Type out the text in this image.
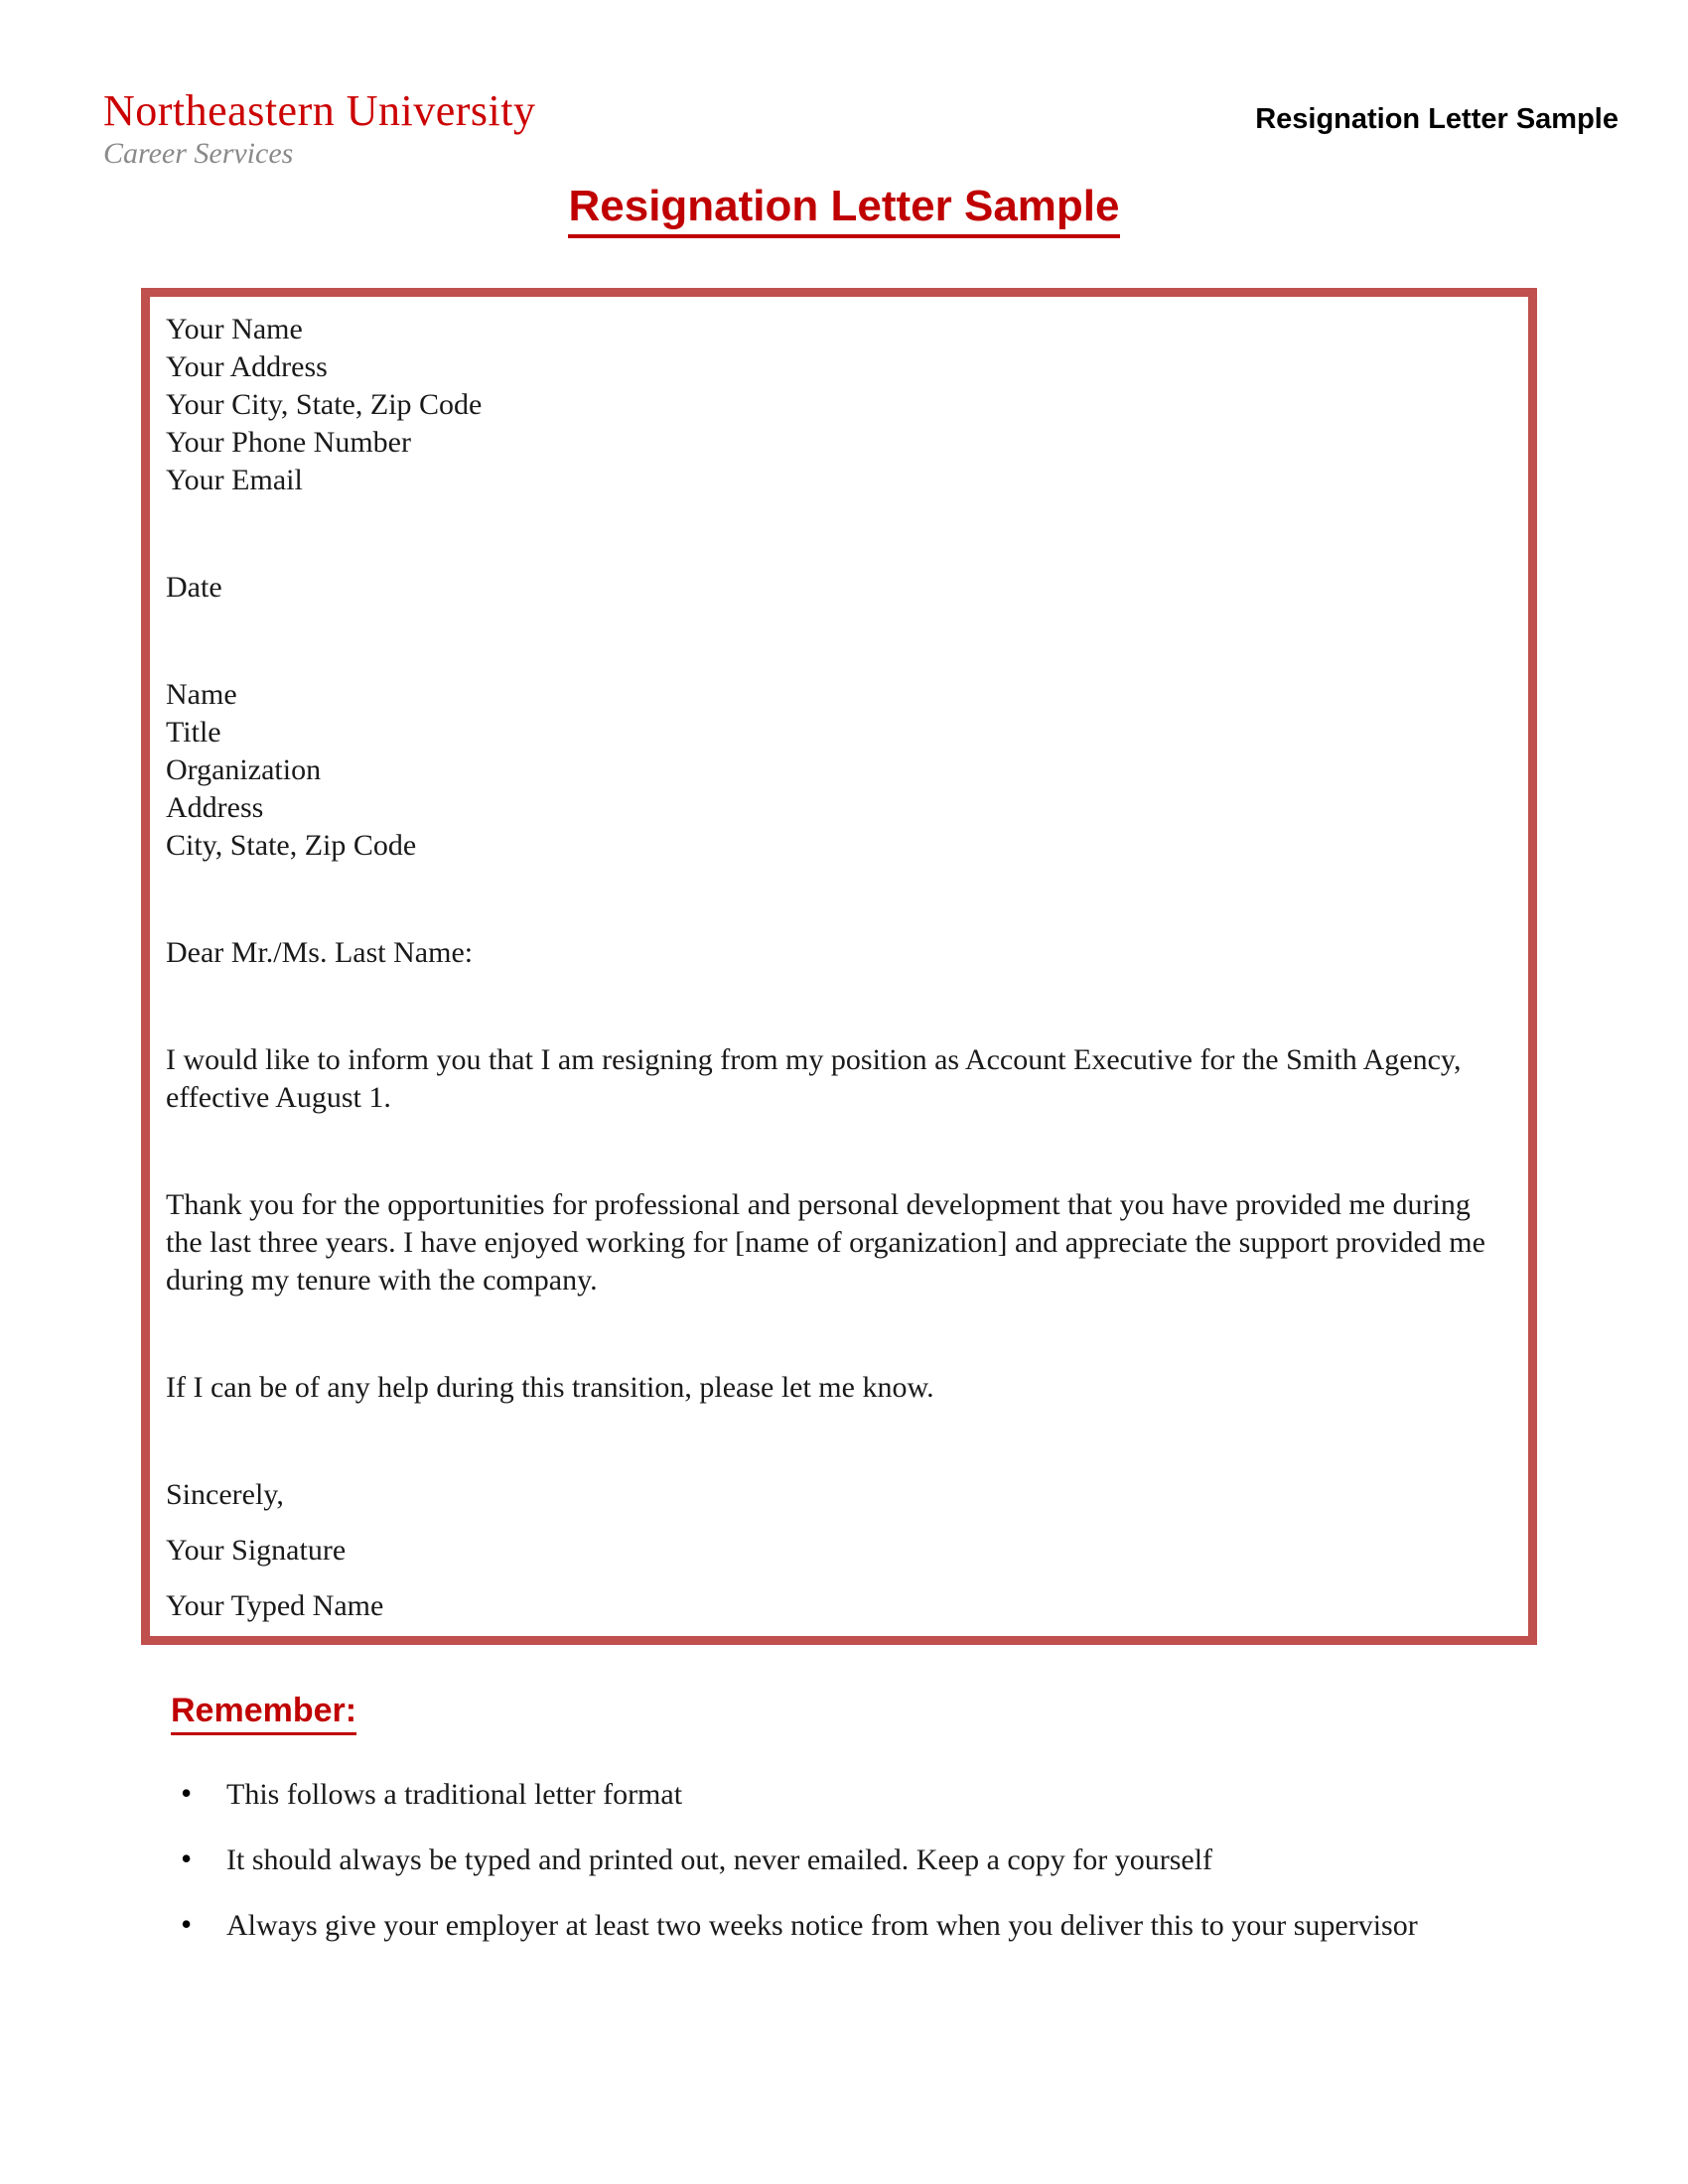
Northeastern University
Career Services
Resignation Letter Sample
Resignation Letter Sample
Your Name
Your Address
Your City, State, Zip Code
Your Phone Number
Your Email
Date
Name
Title
Organization
Address
City, State, Zip Code
Dear Mr./Ms. Last Name:

I would like to inform you that I am resigning from my position as Account Executive for the Smith Agency, effective August 1.

Thank you for the opportunities for professional and personal development that you have provided me during the last three years. I have enjoyed working for [name of organization] and appreciate the support provided me during my tenure with the company.

If I can be of any help during this transition, please let me know.

Sincerely,
Your Signature
Your Typed Name
Remember:
• This follows a traditional letter format
• It should always be typed and printed out, never emailed. Keep a copy for yourself
• Always give your employer at least two weeks notice from when you deliver this to your supervisor
